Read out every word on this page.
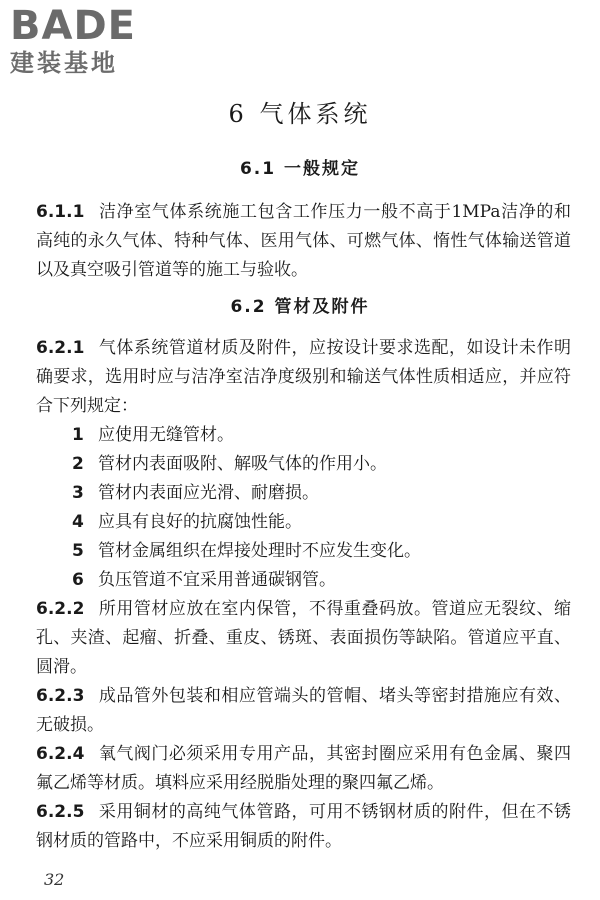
BADE
建装基地
6 气体系统
6.1 一般规定
6.1.1 洁净室气体系统施工包含工作压力一般不高于1MPa洁净的和高纯的永久气体、特种气体、医用气体、可燃气体、惰性气体输送管道以及真空吸引管道等的施工与验收。
6.2 管材及附件
6.2.1 气体系统管道材质及附件，应按设计要求选配，如设计未作明确要求，选用时应与洁净室洁净度级别和输送气体性质相适应，并应符合下列规定：
1 应使用无缝管材。
2 管材内表面吸附、解吸气体的作用小。
3 管材内表面应光滑、耐磨损。
4 应具有良好的抗腐蚀性能。
5 管材金属组织在焊接处理时不应发生变化。
6 负压管道不宜采用普通碳钢管。
6.2.2 所用管材应放在室内保管，不得重叠码放。管道应无裂纹、缩孔、夹渣、起瘤、折叠、重皮、锈斑、表面损伤等缺陷。管道应平直、圆滑。
6.2.3 成品管外包装和相应管端头的管帽、堵头等密封措施应有效、无破损。
6.2.4 氧气阀门必须采用专用产品，其密封圈应采用有色金属、聚四氟乙烯等材质。填料应采用经脱脂处理的聚四氟乙烯。
6.2.5 采用铜材的高纯气体管路，可用不锈钢材质的附件，但在不锈钢材质的管路中，不应采用铜质的附件。
32
